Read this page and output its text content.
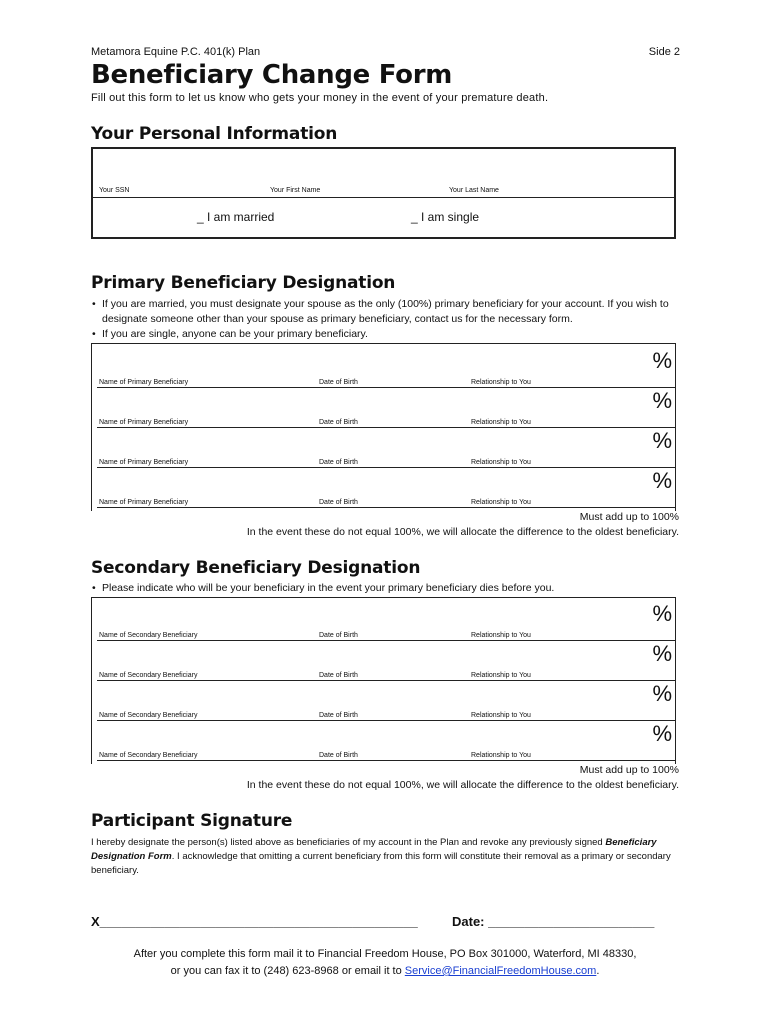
Metamora Equine P.C. 401(k) Plan	Side 2
Beneficiary Change Form
Fill out this form to let us know who gets your money in the event of your premature death.
Your Personal Information
Your SSN	Your First Name	Your Last Name
_ I am married	_ I am single
Primary Beneficiary Designation
• If you are married, you must designate your spouse as the only (100%) primary beneficiary for your account. If you wish to designate someone other than your spouse as primary beneficiary, contact us for the necessary form.
• If you are single, anyone can be your primary beneficiary.
%
Name of Primary Beneficiary	Date of Birth	Relationship to You
%
Name of Primary Beneficiary	Date of Birth	Relationship to You
%
Name of Primary Beneficiary	Date of Birth	Relationship to You
%
Name of Primary Beneficiary	Date of Birth	Relationship to You
Must add up to 100%
In the event these do not equal 100%, we will allocate the difference to the oldest beneficiary.
Secondary Beneficiary Designation
• Please indicate who will be your beneficiary in the event your primary beneficiary dies before you.
%
Name of Secondary Beneficiary	Date of Birth	Relationship to You
%
Name of Secondary Beneficiary	Date of Birth	Relationship to You
%
Name of Secondary Beneficiary	Date of Birth	Relationship to You
%
Name of Secondary Beneficiary	Date of Birth	Relationship to You
Must add up to 100%
In the event these do not equal 100%, we will allocate the difference to the oldest beneficiary.
Participant Signature
I hereby designate the person(s) listed above as beneficiaries of my account in the Plan and revoke any previously signed Beneficiary Designation Form. I acknowledge that omitting a current beneficiary from this form will constitute their removal as a primary or secondary beneficiary.
X____________________________________________	Date: _______________________
After you complete this form mail it to Financial Freedom House, PO Box 301000, Waterford, MI 48330,
or you can fax it to (248) 623-8968 or email it to Service@FinancialFreedomHouse.com.
